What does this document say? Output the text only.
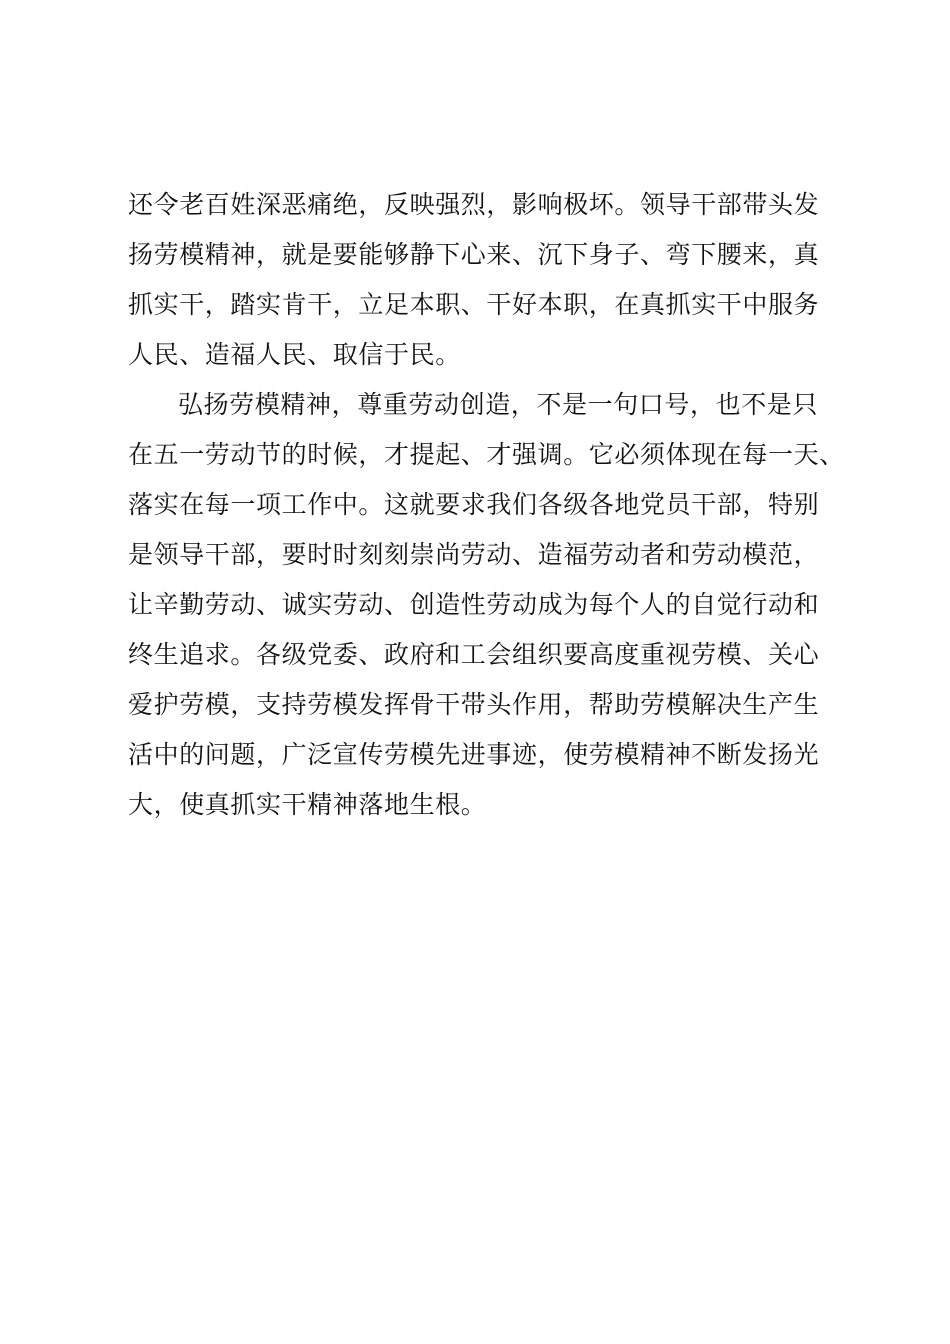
还令老百姓深恶痛绝，反映强烈，影响极坏。领导干部带头发
扬劳模精神，就是要能够静下心来、沉下身子、弯下腰来，真
抓实干，踏实肯干，立足本职、干好本职，在真抓实干中服务
人民、造福人民、取信于民。
弘扬劳模精神，尊重劳动创造，不是一句口号，也不是只
在五一劳动节的时候，才提起、才强调。它必须体现在每一天、
落实在每一项工作中。这就要求我们各级各地党员干部，特别
是领导干部，要时时刻刻崇尚劳动、造福劳动者和劳动模范，
让辛勤劳动、诚实劳动、创造性劳动成为每个人的自觉行动和
终生追求。各级党委、政府和工会组织要高度重视劳模、关心
爱护劳模，支持劳模发挥骨干带头作用，帮助劳模解决生产生
活中的问题，广泛宣传劳模先进事迹，使劳模精神不断发扬光
大，使真抓实干精神落地生根。
